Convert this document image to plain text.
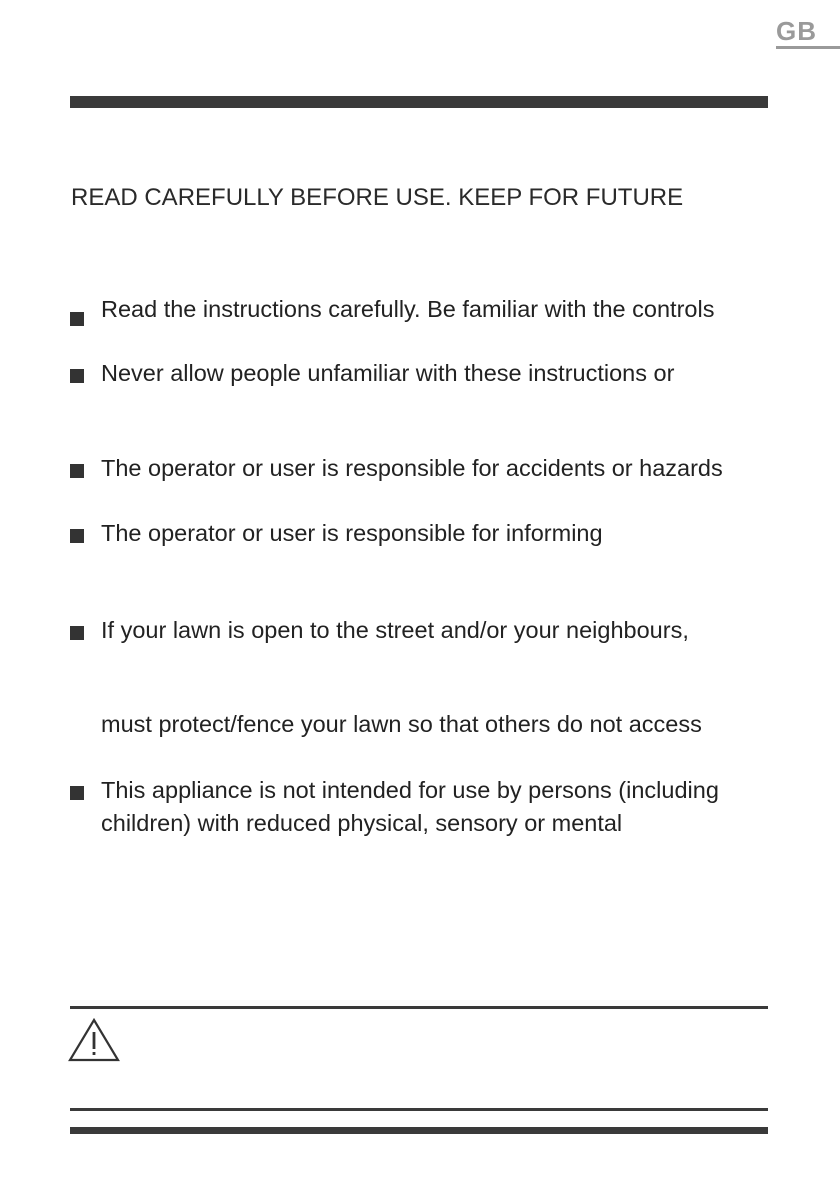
GB
READ CAREFULLY BEFORE USE. KEEP FOR FUTURE
Read the instructions carefully. Be familiar with the controls
Never allow people unfamiliar with these instructions or
The operator or user is responsible for accidents or hazards
The operator or user is responsible for informing
If your lawn is open to the street and/or your neighbours,
must protect/fence your lawn so that others do not access
This appliance is not intended for use by persons (including
children) with reduced physical, sensory or mental
